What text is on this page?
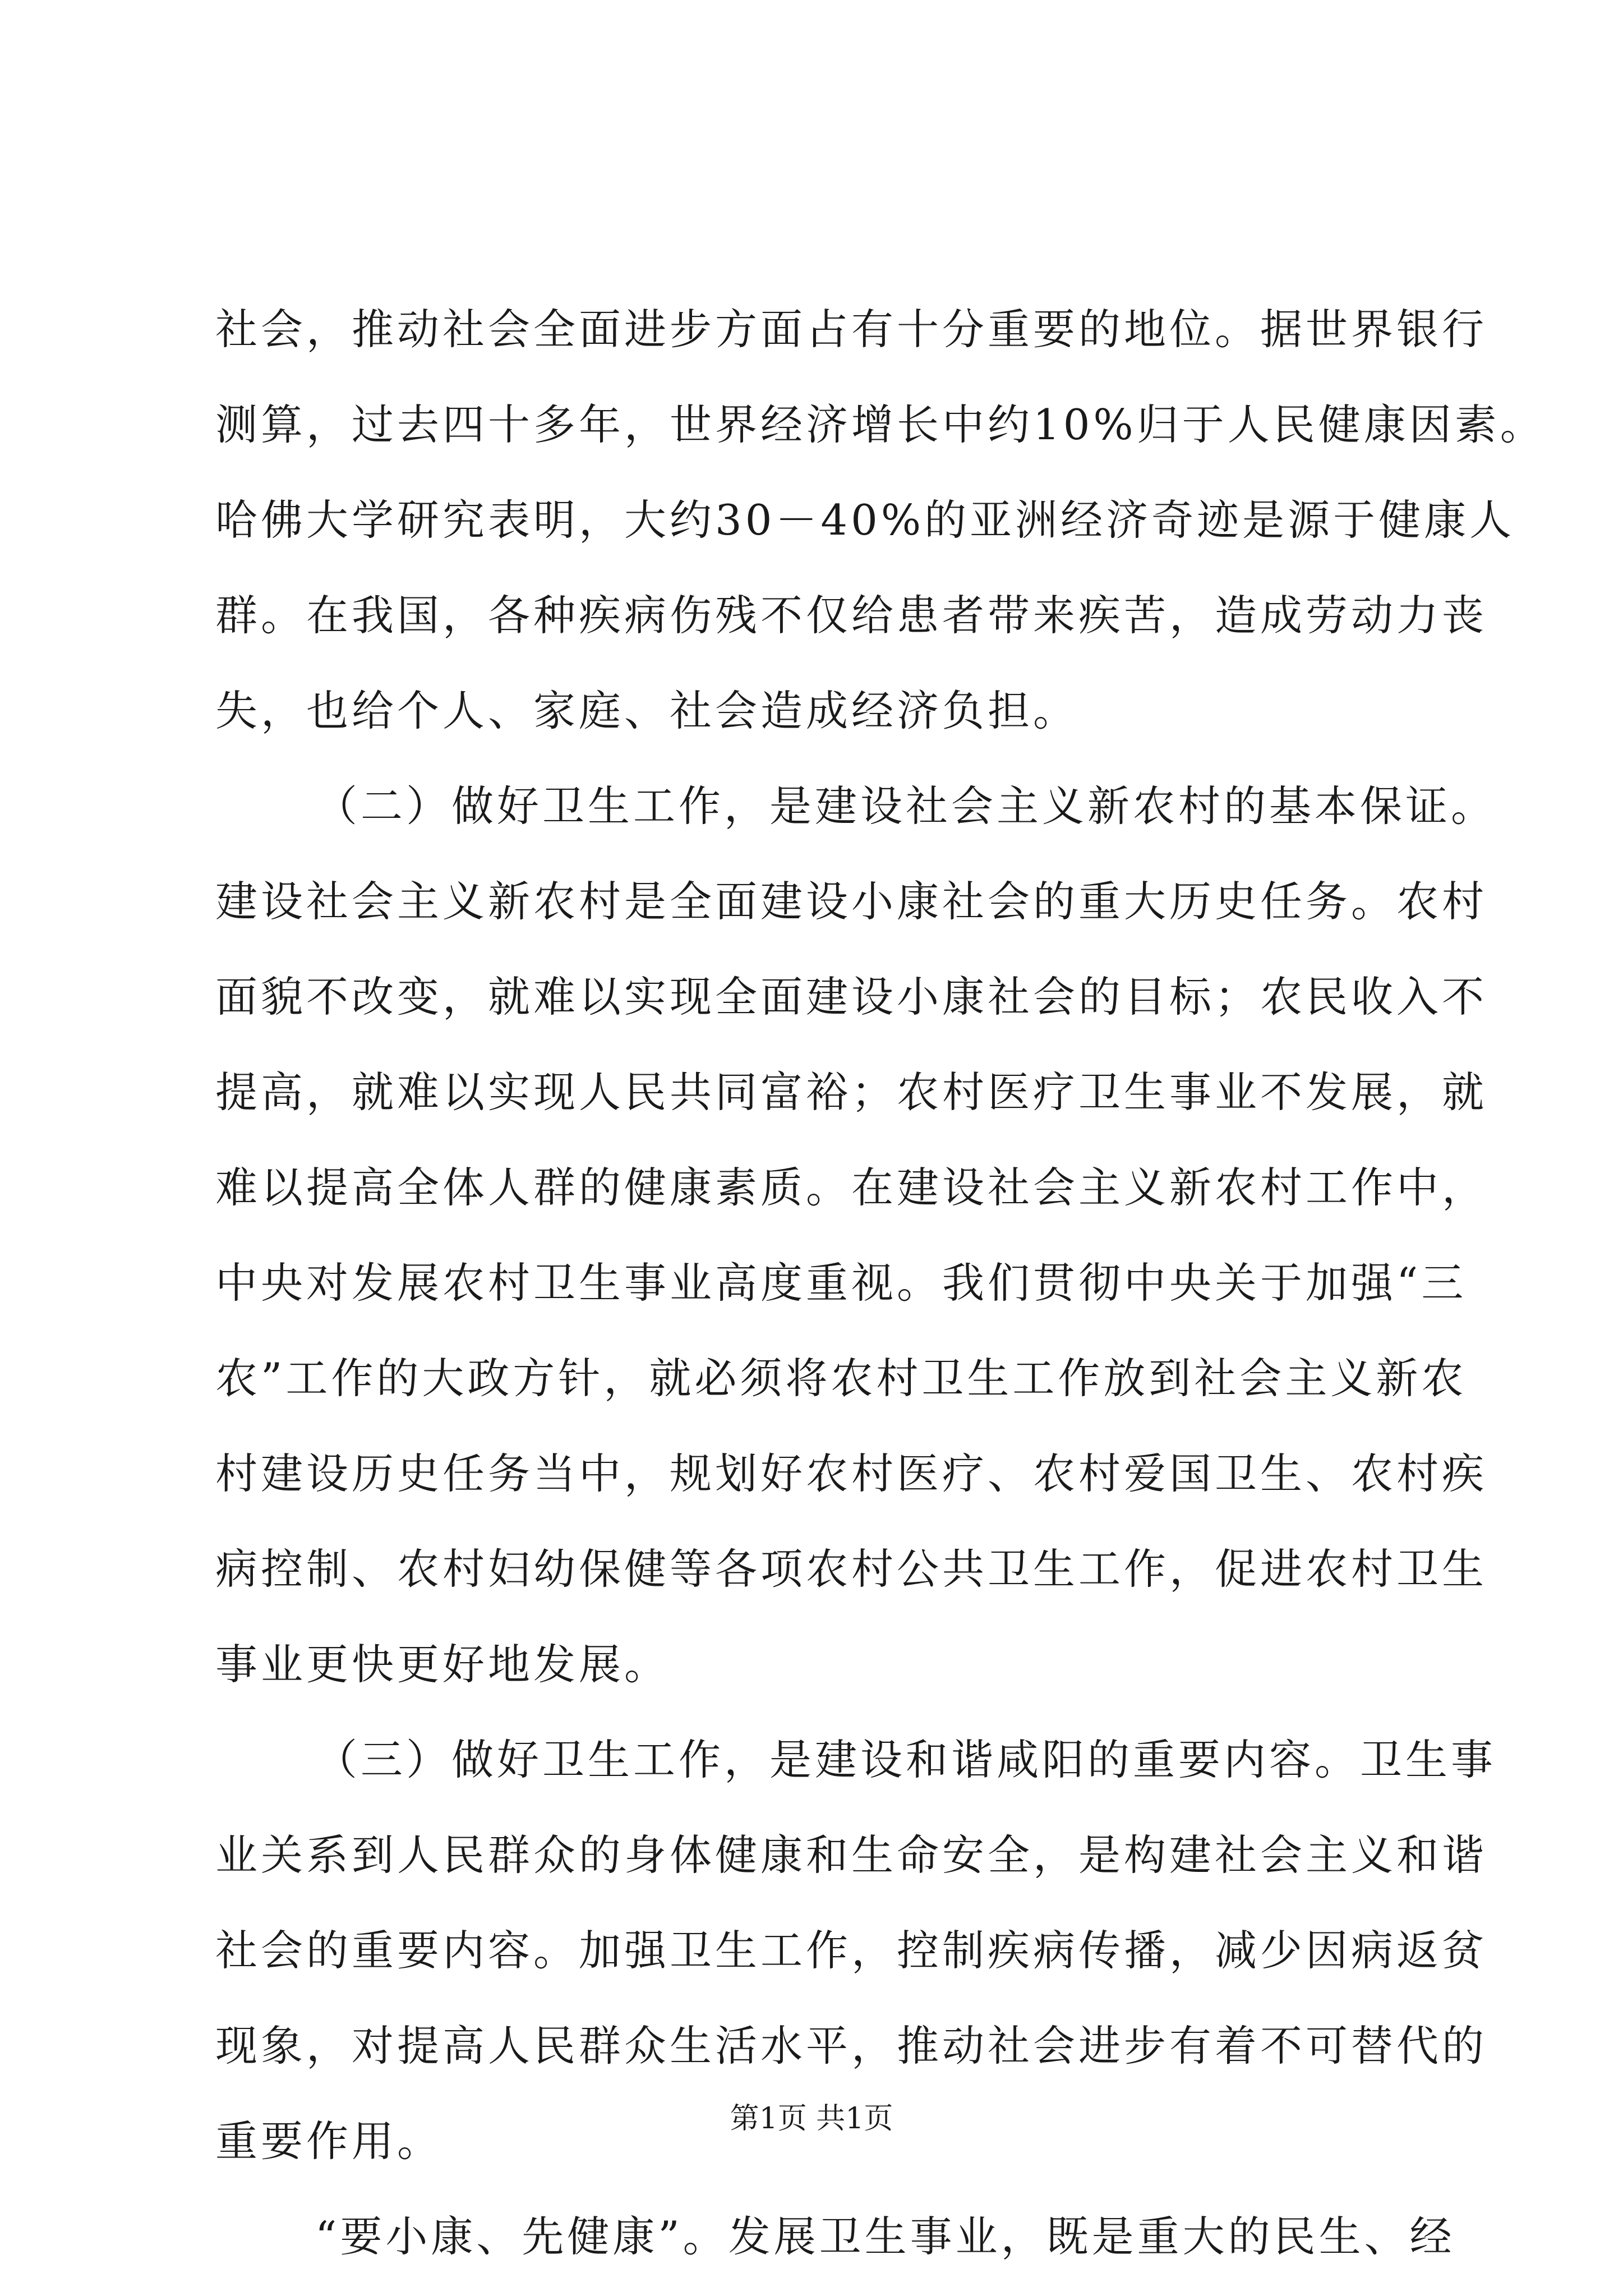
社会，推动社会全面进步方面占有十分重要的地位。据世界银行
测算，过去四十多年，世界经济增长中约10%归于人民健康因素。
哈佛大学研究表明，大约30－40%的亚洲经济奇迹是源于健康人
群。在我国，各种疾病伤残不仅给患者带来疾苦，造成劳动力丧
失，也给个人、家庭、社会造成经济负担。
（二）做好卫生工作，是建设社会主义新农村的基本保证。
建设社会主义新农村是全面建设小康社会的重大历史任务。农村
面貌不改变，就难以实现全面建设小康社会的目标；农民收入不
提高，就难以实现人民共同富裕；农村医疗卫生事业不发展，就
难以提高全体人群的健康素质。在建设社会主义新农村工作中，
中央对发展农村卫生事业高度重视。我们贯彻中央关于加强“三
农”工作的大政方针，就必须将农村卫生工作放到社会主义新农
村建设历史任务当中，规划好农村医疗、农村爱国卫生、农村疾
病控制、农村妇幼保健等各项农村公共卫生工作，促进农村卫生
事业更快更好地发展。
（三）做好卫生工作，是建设和谐咸阳的重要内容。卫生事
业关系到人民群众的身体健康和生命安全，是构建社会主义和谐
社会的重要内容。加强卫生工作，控制疾病传播，减少因病返贫
现象，对提高人民群众生活水平，推动社会进步有着不可替代的
重要作用。
“要小康、先健康”。发展卫生事业，既是重大的民生、经
第1页 共1页
